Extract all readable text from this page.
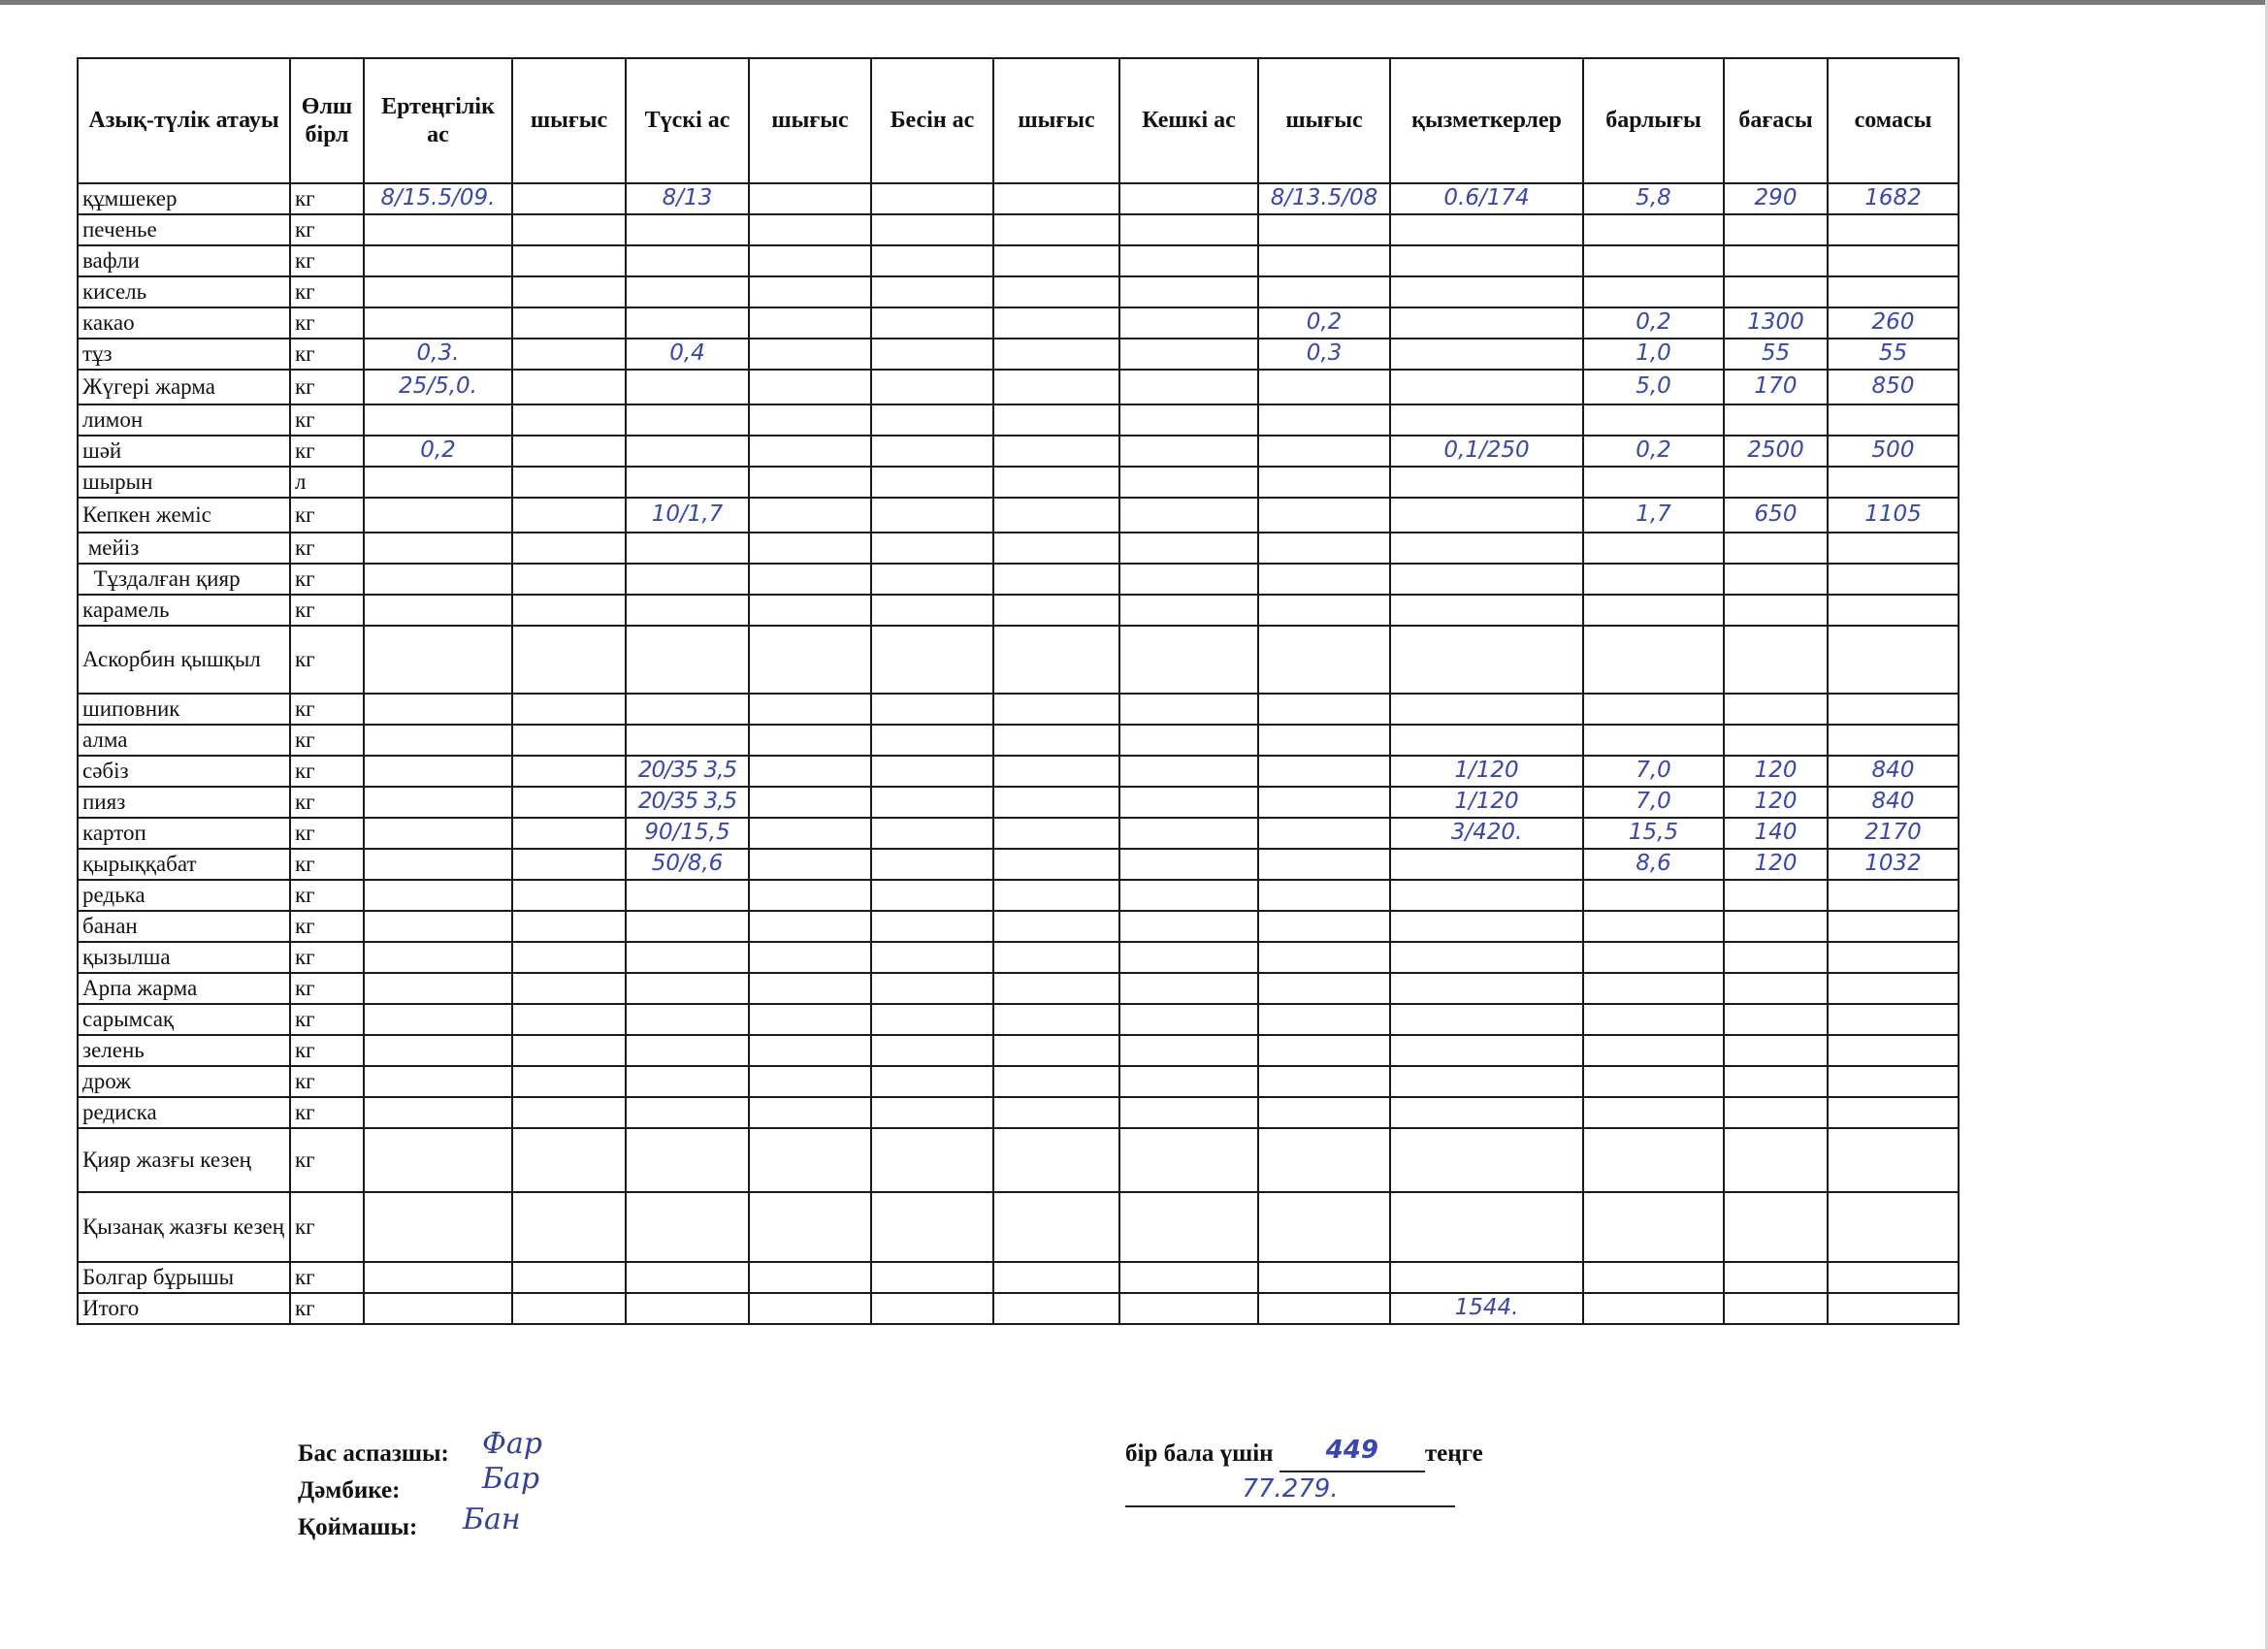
Азық-түлік атауы	Өлш бірл	Ертеңгілік ас	шығыс	Түскі ас	шығыс	Бесін ас	шығыс	Кешкі ас	шығыс	қызметкерлер	барлығы	бағасы	сомасы
құмшекер	кг	8/15.5/09.		8/13					8/13.5/08	0.6/174	5,8	290	1682
печенье	кг												
вафли	кг												
кисель	кг												
какао	кг								0,2		0,2	1300	260
тұз	кг	0,3.		0,4					0,3		1,0	55	55
Жүгері жарма	кг	25/5,0.									5,0	170	850
лимон	кг												
шәй	кг	0,2								0,1/250	0,2	2500	500
шырын	л												
Кепкен жеміс	кг			10/1,7							1,7	650	1105
мейіз	кг												
Тұздалған қияр	кг												
карамель	кг												
Аскорбин қышқыл	кг												
шиповник	кг												
алма	кг												
сәбіз	кг			20/35 3,5						1/120	7,0	120	840
пияз	кг			20/35 3,5						1/120	7,0	120	840
картоп	кг			90/15,5						3/420.	15,5	140	2170
қырыққабат	кг			50/8,6							8,6	120	1032
редька	кг												
банан	кг												
қызылша	кг												
Арпа жарма	кг												
сарымсақ	кг												
зелень	кг												
дрож	кг												
редиска	кг												
Қияр жазғы кезең	кг												
Қызанақ жазғы кезең	кг												
Болгар бұрышы	кг												
Итого	кг									1544.			
Бас аспазшы: Фар
Дәмбике:	Бар
Қоймашы: Бан
бір бала үшін	449	теңге
77.279.
